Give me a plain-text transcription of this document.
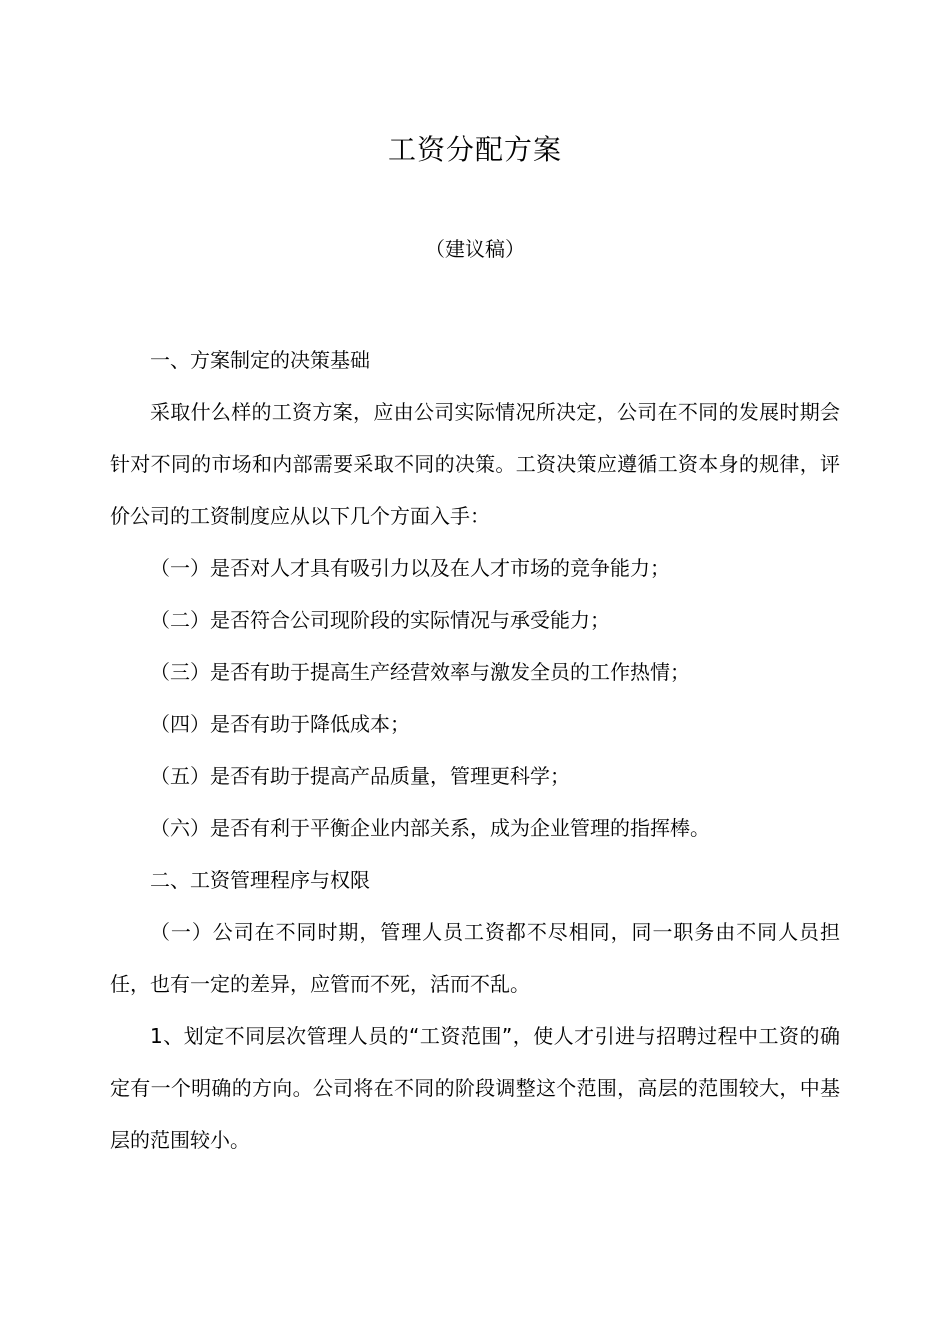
工资分配方案
（建议稿）

一、方案制定的决策基础

采取什么样的工资方案，应由公司实际情况所决定，公司在不同的发展时期会针对不同的市场和内部需要采取不同的决策。工资决策应遵循工资本身的规律，评价公司的工资制度应从以下几个方面入手：

（一）是否对人才具有吸引力以及在人才市场的竞争能力；

（二）是否符合公司现阶段的实际情况与承受能力；

（三）是否有助于提高生产经营效率与激发全员的工作热情；

（四）是否有助于降低成本；

（五）是否有助于提高产品质量，管理更科学；

（六）是否有利于平衡企业内部关系，成为企业管理的指挥棒。

二、工资管理程序与权限

（一）公司在不同时期，管理人员工资都不尽相同，同一职务由不同人员担任，也有一定的差异，应管而不死，活而不乱。

1、划定不同层次管理人员的“工资范围”，使人才引进与招聘过程中工资的确定有一个明确的方向。公司将在不同的阶段调整这个范围，高层的范围较大，中基层的范围较小。
